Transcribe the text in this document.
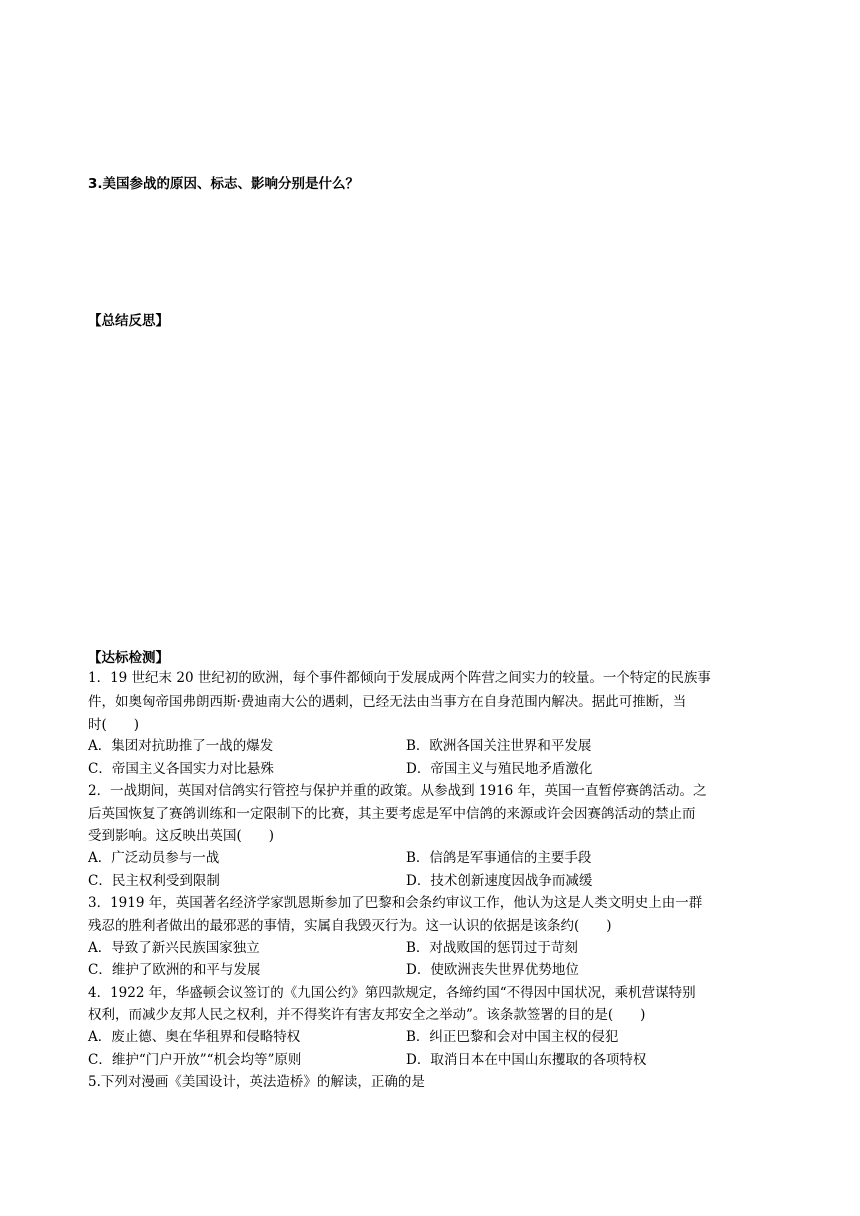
3.美国参战的原因、标志、影响分别是什么？
【总结反思】
【达标检测】
1．19 世纪末 20 世纪初的欧洲，每个事件都倾向于发展成两个阵营之间实力的较量。一个特定的民族事
件，如奥匈帝国弗朗西斯·费迪南大公的遇刺，已经无法由当事方在自身范围内解决。据此可推断，当
时(　　)
A．集团对抗助推了一战的爆发	B．欧洲各国关注世界和平发展
C．帝国主义各国实力对比悬殊	D．帝国主义与殖民地矛盾激化
2．一战期间，英国对信鸽实行管控与保护并重的政策。从参战到 1916 年，英国一直暂停赛鸽活动。之
后英国恢复了赛鸽训练和一定限制下的比赛，其主要考虑是军中信鸽的来源或许会因赛鸽活动的禁止而
受到影响。这反映出英国(　　)
A．广泛动员参与一战	B．信鸽是军事通信的主要手段
C．民主权利受到限制	D．技术创新速度因战争而减缓
3．1919 年，英国著名经济学家凯恩斯参加了巴黎和会条约审议工作，他认为这是人类文明史上由一群
残忍的胜利者做出的最邪恶的事情，实属自我毁灭行为。这一认识的依据是该条约(　　)
A．导致了新兴民族国家独立	B．对战败国的惩罚过于苛刻
C．维护了欧洲的和平与发展	D．使欧洲丧失世界优势地位
4．1922 年，华盛顿会议签订的《九国公约》第四款规定，各缔约国“不得因中国状况，乘机营谋特别
权利，而减少友邦人民之权利，并不得奖许有害友邦安全之举动”。该条款签署的目的是(　　)
A．废止德、奥在华租界和侵略特权	B．纠正巴黎和会对中国主权的侵犯
C．维护“门户开放”“机会均等”原则	D．取消日本在中国山东攫取的各项特权
5.下列对漫画《美国设计，英法造桥》的解读，正确的是
